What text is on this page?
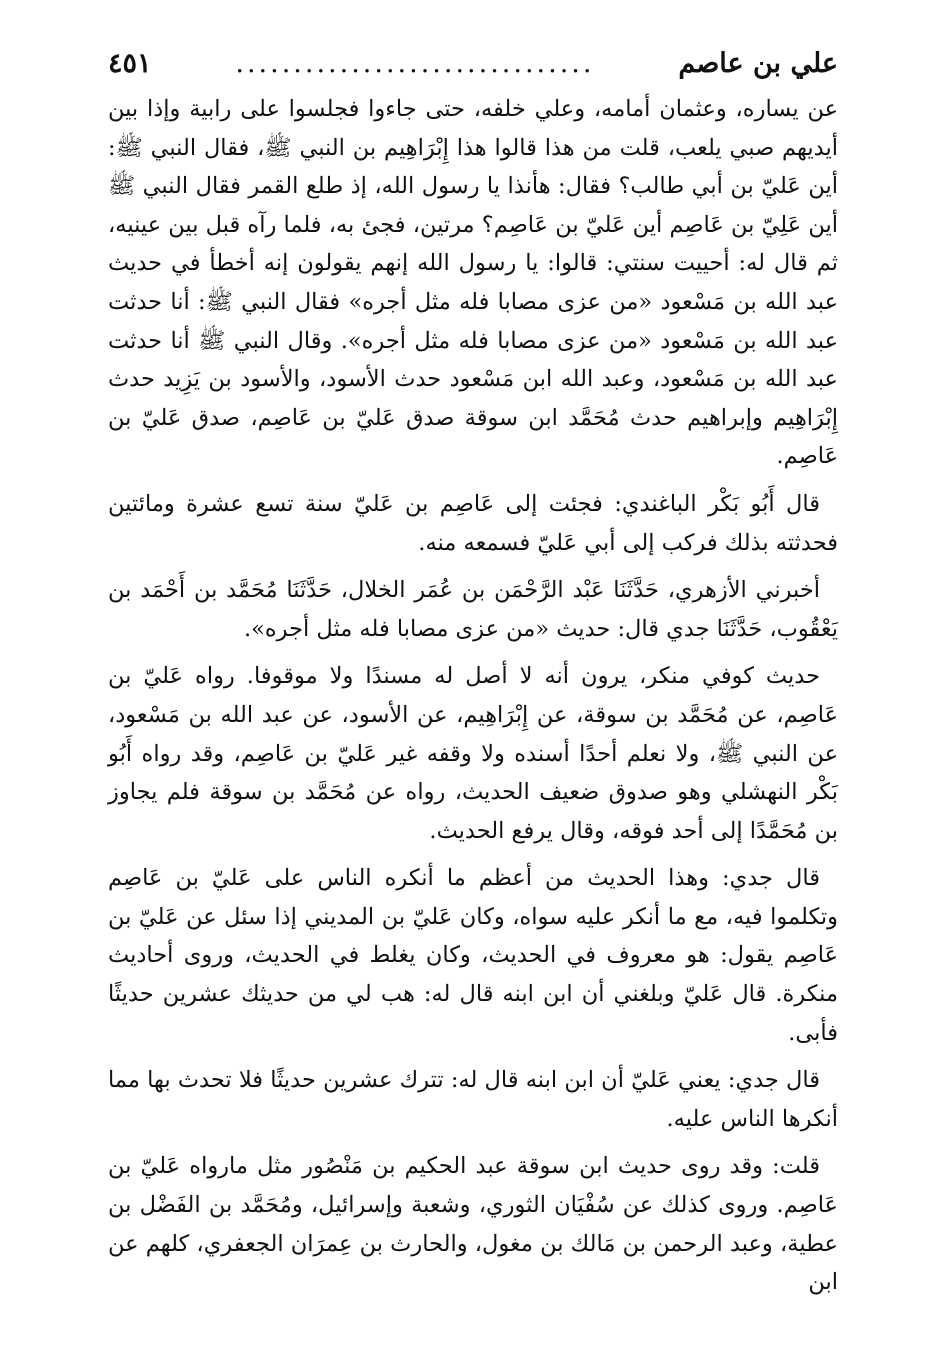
علي بن عاصم
...............................
٤٥١

عن يساره، وعثمان أمامه، وعلي خلفه، حتى جاءوا فجلسوا على رابية وإذا بين أيديهم صبي يلعب، قلت من هذا قالوا هذا إِبْرَاهِيم بن النبي ﷺ، فقال النبي ﷺ: أين عَليّ بن أبي طالب؟ فقال: هأنذا يا رسول الله، إذ طلع القمر فقال النبي ﷺ أين عَلِيّ بن عَاصِم أين عَليّ بن عَاصِم؟ مرتين، فجئ به، فلما رآه قبل بين عينيه، ثم قال له: أحييت سنتي: قالوا: يا رسول الله إنهم يقولون إنه أخطأ في حديث عبد الله بن مَسْعود «من عزى مصابا فله مثل أجره» فقال النبي ﷺ: أنا حدثت عبد الله بن مَسْعود «من عزى مصابا فله مثل أجره». وقال النبي ﷺ أنا حدثت عبد الله بن مَسْعود، وعبد الله ابن مَسْعود حدث الأسود، والأسود بن يَزِيد حدث إِبْرَاهِيم وإبراهيم حدث مُحَمَّد ابن سوقة صدق عَليّ بن عَاصِم، صدق عَليّ بن عَاصِم.

قال أَبُو بَكْر الباغندي: فجئت إلى عَاصِم بن عَليّ سنة تسع عشرة ومائتين فحدثته بذلك فركب إلى أبي عَليّ فسمعه منه.

أخبرني الأزهري، حَدَّثَنَا عَبْد الرَّحْمَن بن عُمَر الخلال، حَدَّثَنَا مُحَمَّد بن أَحْمَد بن يَعْقُوب، حَدَّثَنَا جدي قال: حديث «من عزى مصابا فله مثل أجره».

حديث كوفي منكر، يرون أنه لا أصل له مسندًا ولا موقوفا. رواه عَليّ بن عَاصِم، عن مُحَمَّد بن سوقة، عن إِبْرَاهِيم، عن الأسود، عن عبد الله بن مَسْعود، عن النبي ﷺ، ولا نعلم أحدًا أسنده ولا وقفه غير عَليّ بن عَاصِم، وقد رواه أَبُو بَكْر النهشلي وهو صدوق ضعيف الحديث، رواه عن مُحَمَّد بن سوقة فلم يجاوز بن مُحَمَّدًا إلى أحد فوقه، وقال يرفع الحديث.

قال جدي: وهذا الحديث من أعظم ما أنكره الناس على عَليّ بن عَاصِم وتكلموا فيه، مع ما أنكر عليه سواه، وكان عَليّ بن المديني إذا سئل عن عَليّ بن عَاصِم يقول: هو معروف في الحديث، وكان يغلط في الحديث، وروى أحاديث منكرة. قال عَليّ وبلغني أن ابن ابنه قال له: هب لي من حديثك عشرين حديثًا فأبى.

قال جدي: يعني عَليّ أن ابن ابنه قال له: تترك عشرين حديثًا فلا تحدث بها مما أنكرها الناس عليه.

قلت: وقد روى حديث ابن سوقة عبد الحكيم بن مَنْصُور مثل مارواه عَليّ بن عَاصِم. وروى كذلك عن سُفْيَان الثوري، وشعبة وإسرائيل، ومُحَمَّد بن الفَضْل بن عطية، وعبد الرحمن بن مَالك بن مغول، والحارث بن عِمرَان الجعفري، كلهم عن ابن
